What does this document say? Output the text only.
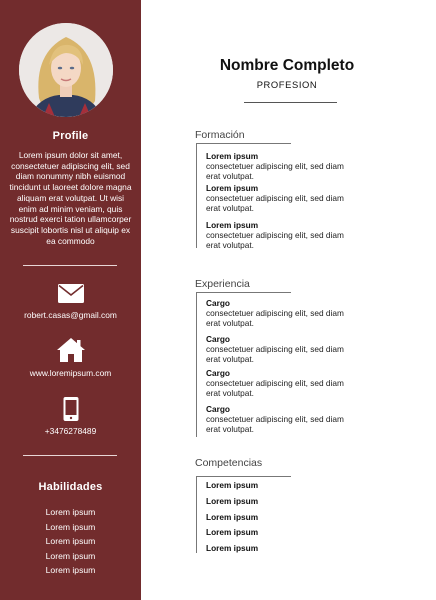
Profile
Lorem ipsum dolor sit amet, consectetuer adipiscing elit, sed diam nonummy nibh euismod tincidunt ut laoreet dolore magna aliquam erat volutpat. Ut wisi enim ad minim veniam, quis nostrud exerci tation ullamcorper suscipit lobortis nisl ut aliquip ex ea commodo
robert.casas@gmail.com
www.loremipsum.com
+3476278489
Habilidades
Lorem ipsum
Lorem ipsum
Lorem ipsum
Lorem ipsum
Lorem ipsum
Nombre Completo
PROFESION
Formación
Lorem ipsum
consectetuer adipiscing elit, sed diam
erat volutpat.
Lorem ipsum
consectetuer adipiscing elit, sed diam
erat volutpat.
Lorem ipsum
consectetuer adipiscing elit, sed diam
erat volutpat.
Experiencia
Cargo
consectetuer adipiscing elit, sed diam
erat volutpat.
Cargo
consectetuer adipiscing elit, sed diam
erat volutpat.
Cargo
consectetuer adipiscing elit, sed diam
erat volutpat.
Cargo
consectetuer adipiscing elit, sed diam
erat volutpat.
Competencias
Lorem ipsum
Lorem ipsum
Lorem ipsum
Lorem ipsum
Lorem ipsum
